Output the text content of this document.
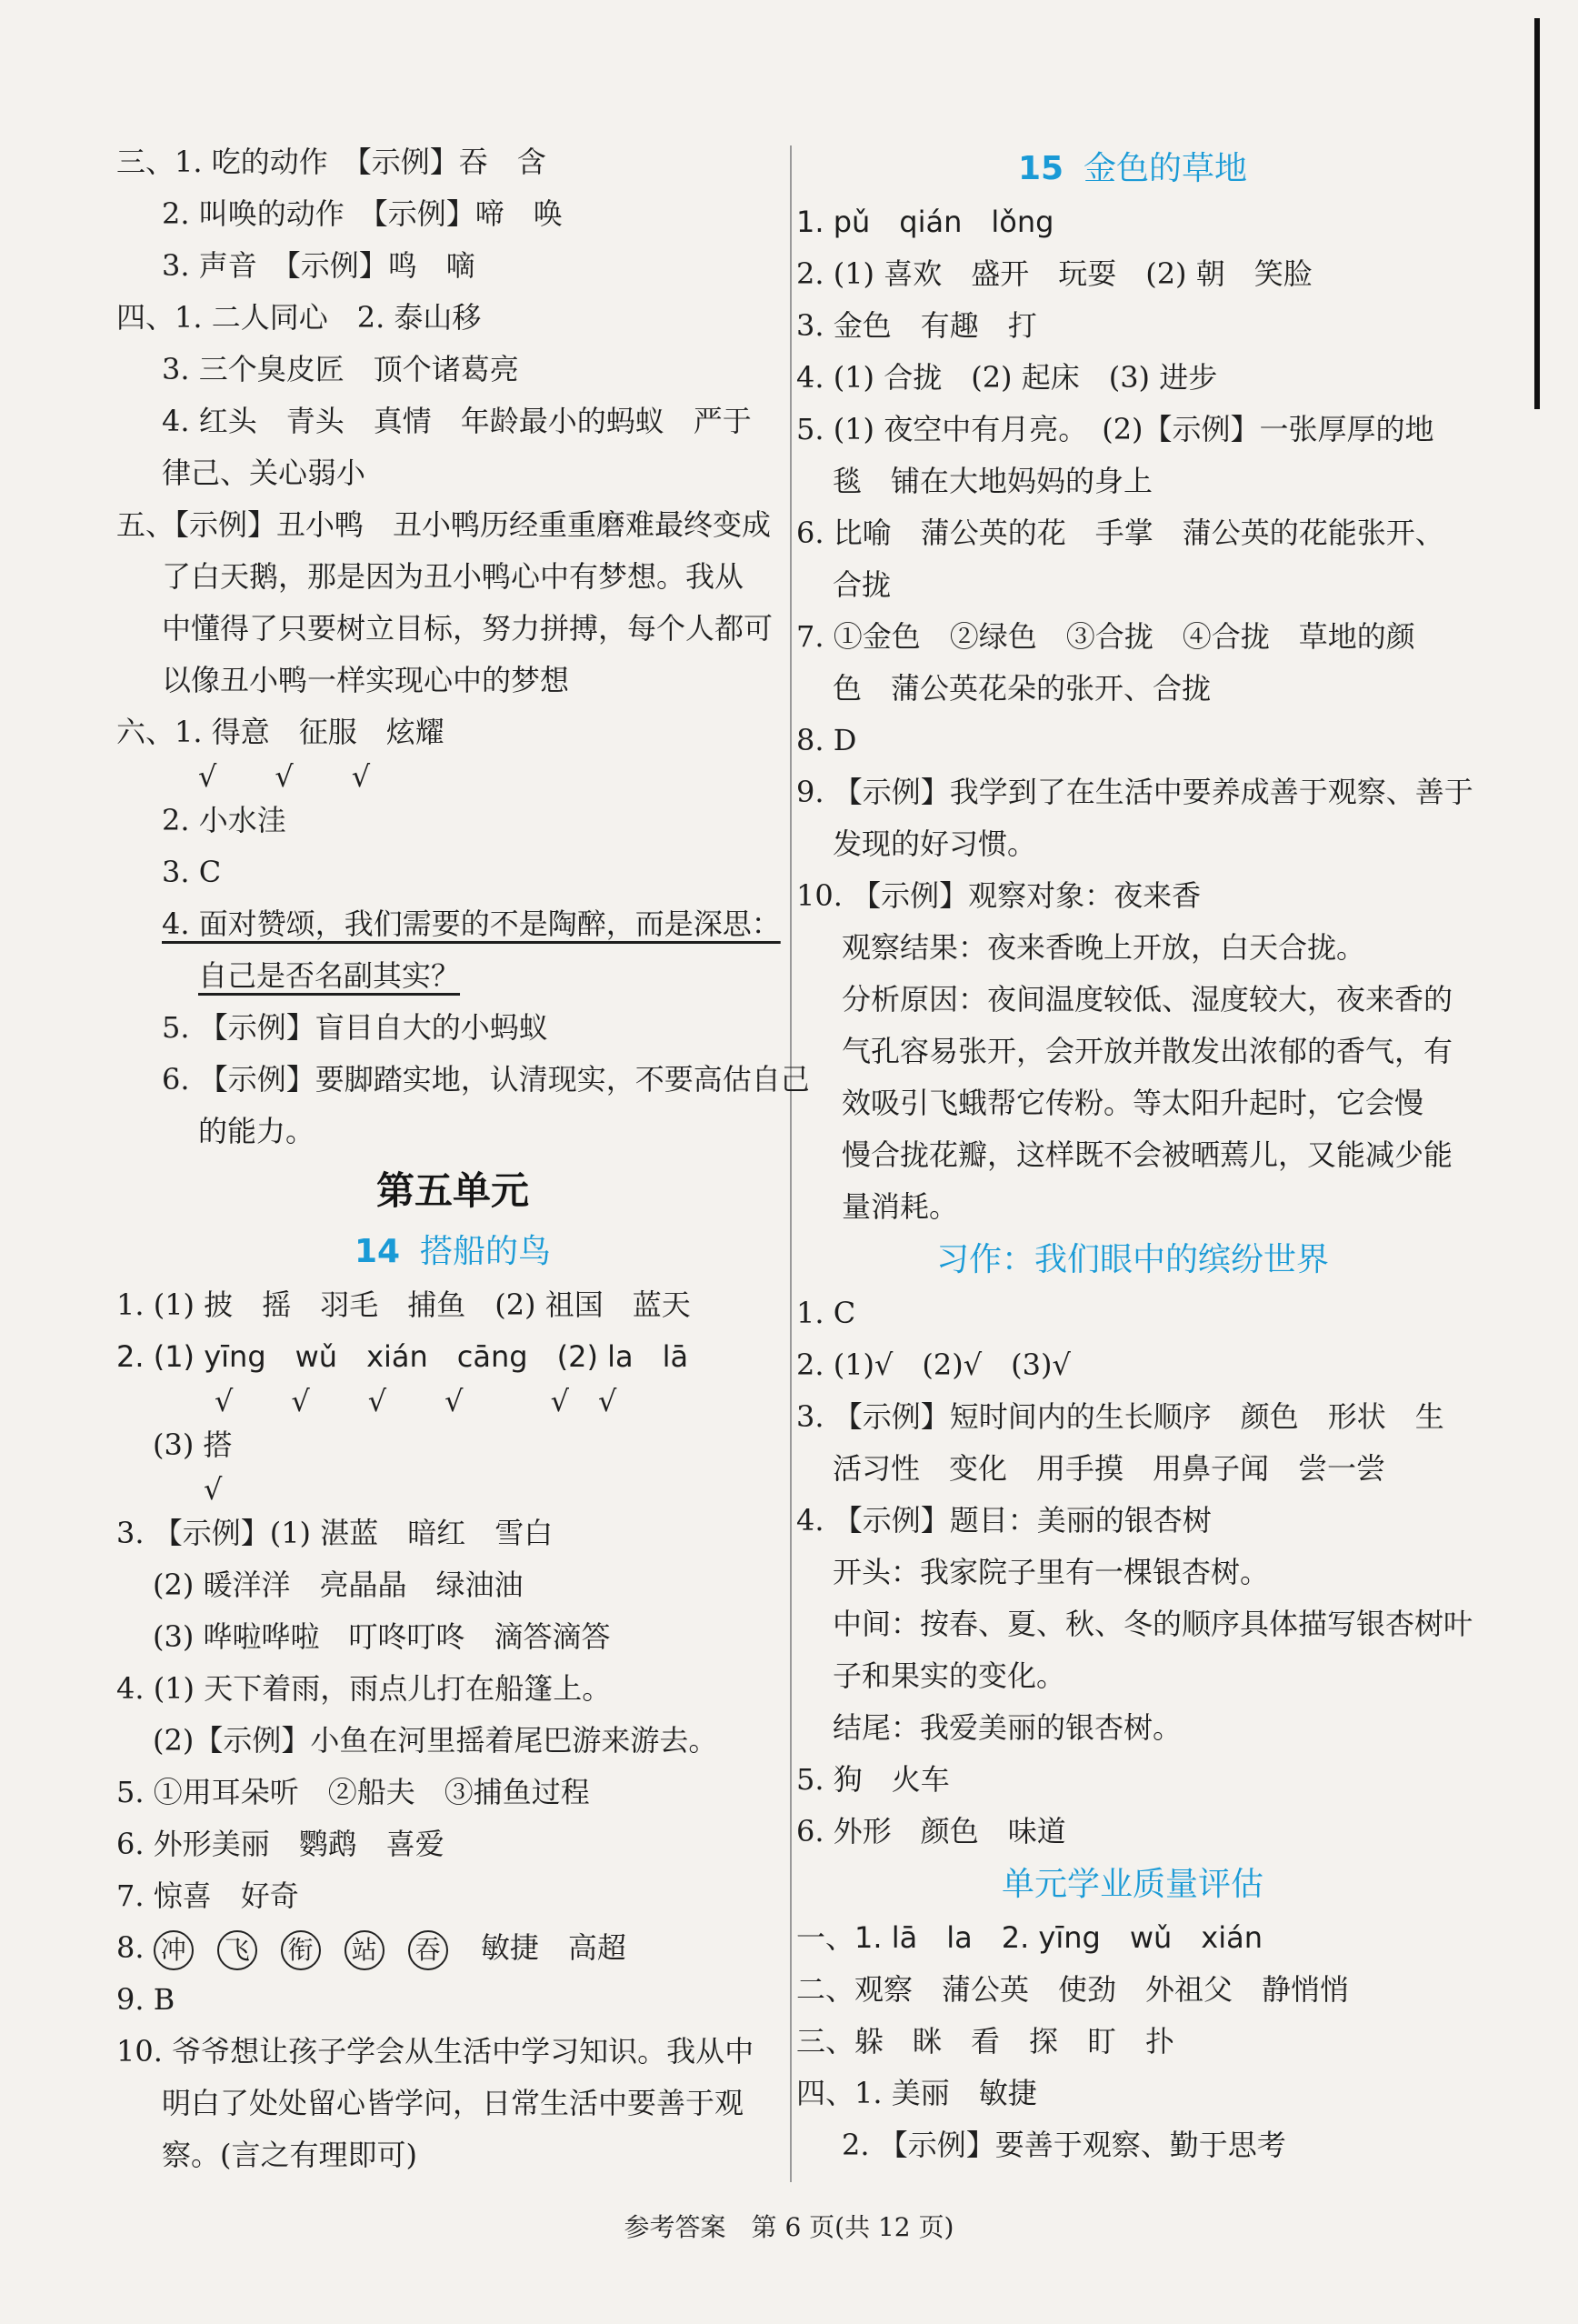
三、1. 吃的动作　【示例】吞　含
2. 叫唤的动作　【示例】啼　唤
3. 声音　【示例】鸣　嘀
四、1. 二人同心　2. 泰山移
3. 三个臭皮匠　顶个诸葛亮
4. 红头　青头　真情　年龄最小的蚂蚁　严于
律己、关心弱小
五、【示例】丑小鸭　丑小鸭历经重重磨难最终变成
了白天鹅，那是因为丑小鸭心中有梦想。我从
中懂得了只要树立目标，努力拼搏，每个人都可
以像丑小鸭一样实现心中的梦想
六、1. 得意　征服　炫耀
√　　√　　√
2. 小水洼
3. C
4. 面对赞颂，我们需要的不是陶醉，而是深思：
自己是否名副其实？
5. 【示例】盲目自大的小蚂蚁
6. 【示例】要脚踏实地，认清现实，不要高估自己
的能力。
第五单元
14 搭船的鸟
1. (1) 披　摇　羽毛　捕鱼　(2) 祖国　蓝天
2. (1) yīng　wǔ　xián　cāng　(2) la　lā
√　　√　　√　　√　　　√　√
(3) 搭
√
3. 【示例】(1) 湛蓝　暗红　雪白
(2) 暖洋洋　亮晶晶　绿油油
(3) 哗啦哗啦　叮咚叮咚　滴答滴答
4. (1) 天下着雨，雨点儿打在船篷上。
(2)【示例】小鱼在河里摇着尾巴游来游去。
5. ①用耳朵听　②船夫　③捕鱼过程
6. 外形美丽　鹦鹉　喜爱
7. 惊喜　好奇
8. 冲 飞 衔 站 吞 敏捷　高超
9. B
10. 爷爷想让孩子学会从生活中学习知识。我从中
明白了处处留心皆学问，日常生活中要善于观
察。(言之有理即可)
15 金色的草地
1. pǔ　qián　lǒng
2. (1) 喜欢　盛开　玩耍　(2) 朝　笑脸
3. 金色　有趣　打
4. (1) 合拢　(2) 起床　(3) 进步
5. (1) 夜空中有月亮。　(2)【示例】一张厚厚的地
毯　铺在大地妈妈的身上
6. 比喻　蒲公英的花　手掌　蒲公英的花能张开、
合拢
7. ①金色　②绿色　③合拢　④合拢　草地的颜
色　蒲公英花朵的张开、合拢
8. D
9. 【示例】我学到了在生活中要养成善于观察、善于
发现的好习惯。
10. 【示例】观察对象：夜来香
观察结果：夜来香晚上开放，白天合拢。
分析原因：夜间温度较低、湿度较大，夜来香的
气孔容易张开，会开放并散发出浓郁的香气，有
效吸引飞蛾帮它传粉。等太阳升起时，它会慢
慢合拢花瓣，这样既不会被晒蔫儿，又能减少能
量消耗。
习作：我们眼中的缤纷世界
1. C
2. (1)√　(2)√　(3)√
3. 【示例】短时间内的生长顺序　颜色　形状　生
活习性　变化　用手摸　用鼻子闻　尝一尝
4. 【示例】题目：美丽的银杏树
开头：我家院子里有一棵银杏树。
中间：按春、夏、秋、冬的顺序具体描写银杏树叶
子和果实的变化。
结尾：我爱美丽的银杏树。
5. 狗　火车
6. 外形　颜色　味道
单元学业质量评估
一、1. lā　la　2. yīng　wǔ　xián
二、观察　蒲公英　使劲　外祖父　静悄悄
三、躲　眯　看　探　盯　扑
四、1. 美丽　敏捷
2. 【示例】要善于观察、勤于思考
参考答案　第 6 页(共 12 页)
